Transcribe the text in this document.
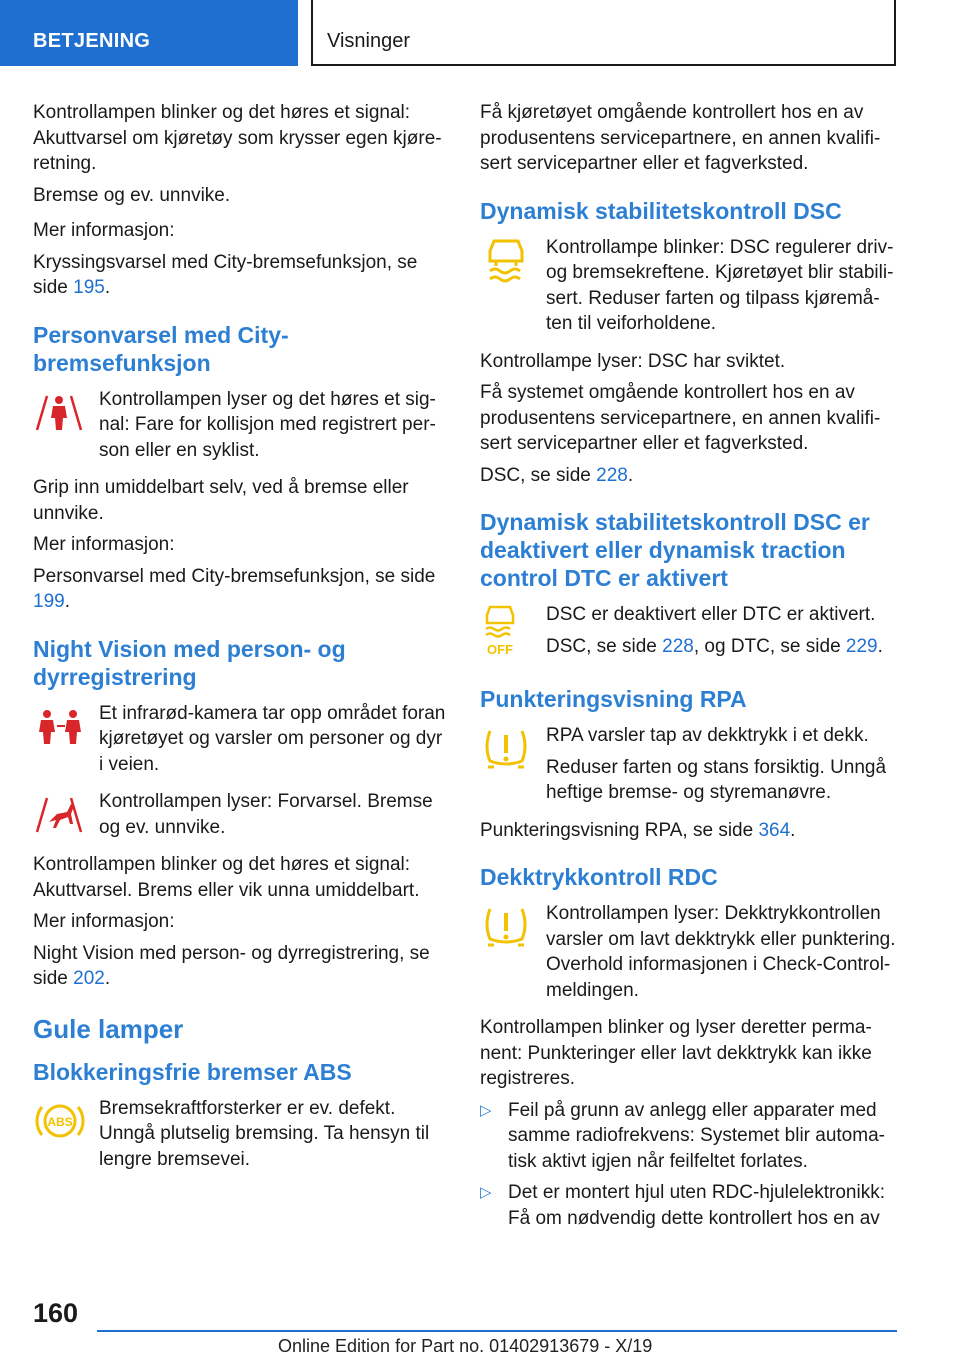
BETJENING	Visninger

Kontrollampen blinker og det høres et signal: Akuttvarsel om kjøretøy som krysser egen kjøre-retning.

Bremse og ev. unnvike.

Mer informasjon:

Kryssingsvarsel med City-bremsefunksjon, se side 195.

Personvarsel med City-bremsefunksjon

Kontrollampen lyser og det høres et sig-nal: Fare for kollisjon med registrert per-son eller en syklist.

Grip inn umiddelbart selv, ved å bremse eller unnvike.

Mer informasjon:

Personvarsel med City-bremsefunksjon, se side 199.

Night Vision med person- og dyrregistrering

Et infrarød-kamera tar opp området foran kjøretøyet og varsler om personer og dyr i veien.

Kontrollampen lyser: Forvarsel. Bremse og ev. unnvike.

Kontrollampen blinker og det høres et signal: Akuttvarsel. Brems eller vik unna umiddelbart.

Mer informasjon:

Night Vision med person- og dyrregistrering, se side 202.

Gule lamper
Blokkeringsfrie bremser ABS
ABS

Bremsekraftforsterker er ev. defekt. Unngå plutselig bremsing. Ta hensyn til lengre bremsevei.

Få kjøretøyet omgående kontrollert hos en av produsentens servicepartnere, en annen kvalifi-sert servicepartner eller et fagverksted.

Dynamisk stabilitetskontroll DSC

Kontrollampe blinker: DSC regulerer driv- og bremsekreftene. Kjøretøyet blir stabili-sert. Reduser farten og tilpass kjøremå-ten til veiforholdene.

Kontrollampe lyser: DSC har sviktet.

Få systemet omgående kontrollert hos en av produsentens servicepartnere, en annen kvalifi-sert servicepartner eller et fagverksted.

DSC, se side 228.

Dynamisk stabilitetskontroll DSC er deaktivert eller dynamisk traction control DTC er aktivert
OFF

DSC er deaktivert eller DTC er aktivert.

DSC, se side 228, og DTC, se side 229.

Punkteringsvisning RPA

RPA varsler tap av dekktrykk i et dekk.

Reduser farten og stans forsiktig. Unngå heftige bremse- og styremanøvre.

Punkteringsvisning RPA, se side 364.

Dekktrykkontroll RDC

Kontrollampen lyser: Dekktrykkontrollen varsler om lavt dekktrykk eller punktering. Overhold informasjonen i Check-Control-meldingen.

Kontrollampen blinker og lyser deretter perma-nent: Punkteringer eller lavt dekktrykk kan ikke registreres.

▷ Feil på grunn av anlegg eller apparater med samme radiofrekvens: Systemet blir automa-tisk aktivt igjen når feilfeltet forlates.
▷ Det er montert hjul uten RDC-hjulelektronikk: Få om nødvendig dette kontrollert hos en av
160
Online Edition for Part no. 01402913679 - X/19
